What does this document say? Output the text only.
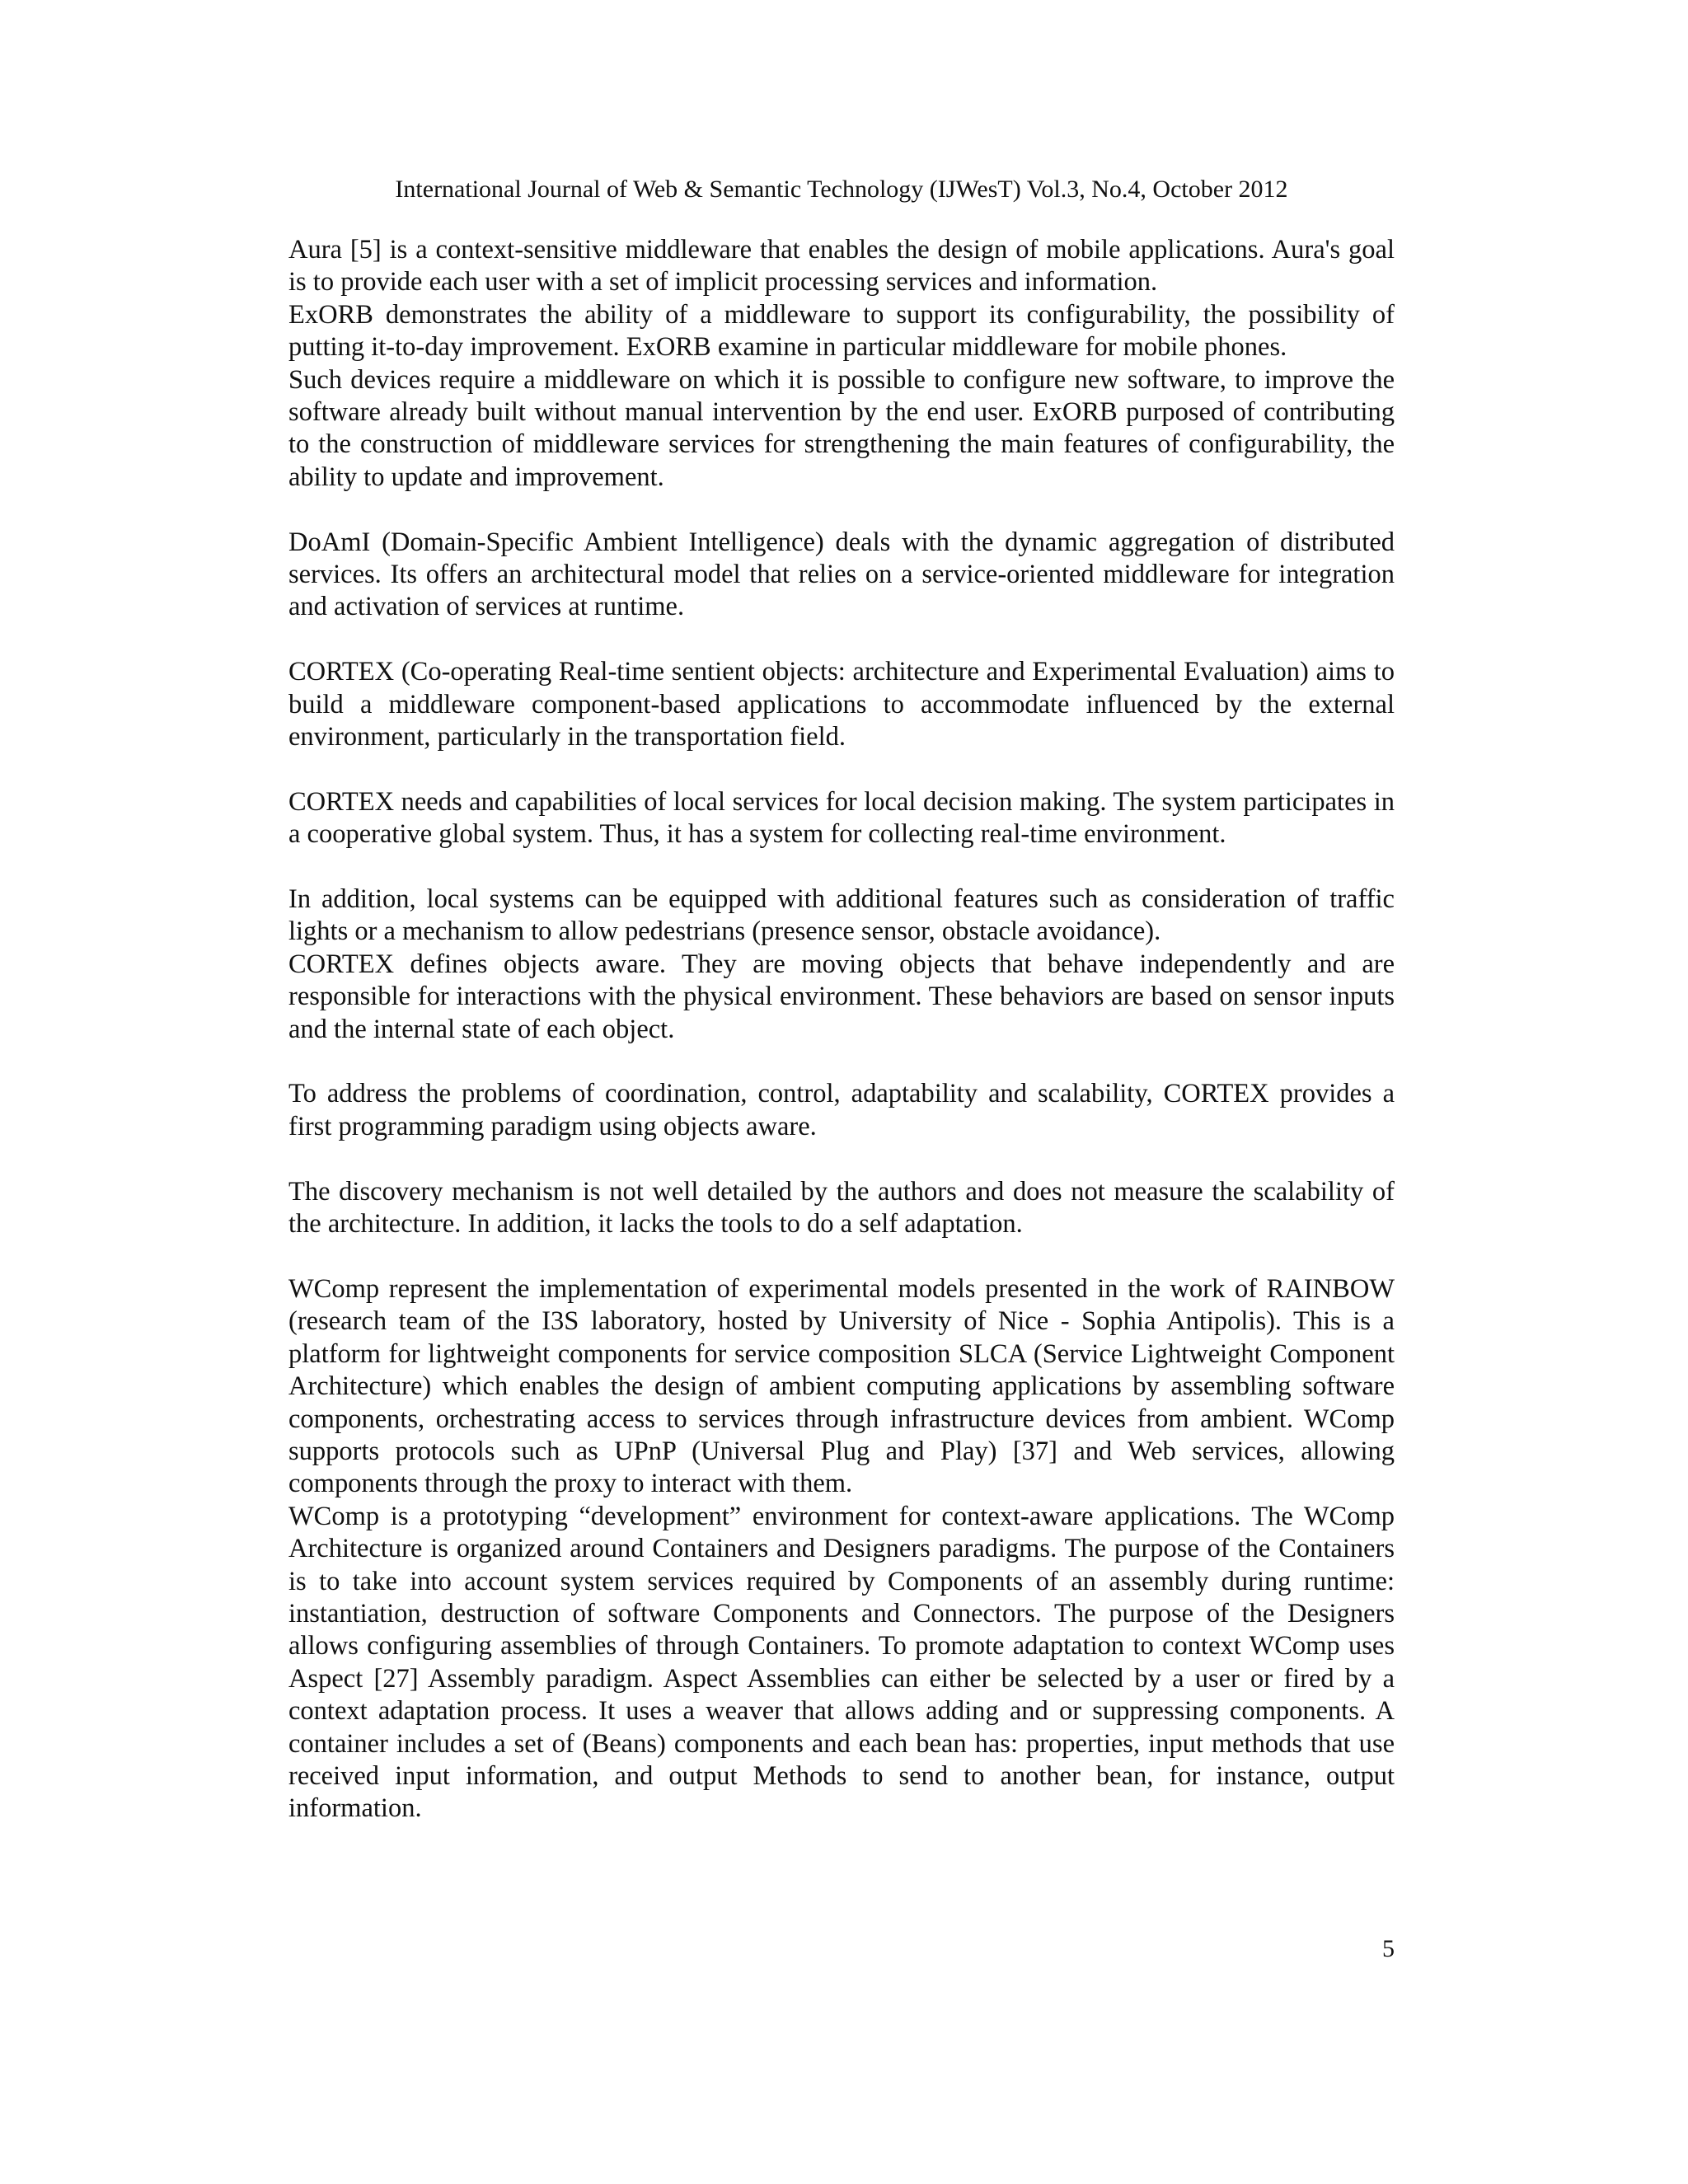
International Journal of Web & Semantic Technology (IJWesT) Vol.3, No.4, October 2012

Aura [5] is a context-sensitive middleware that enables the design of mobile applications. Aura's goal is to provide each user with a set of implicit processing services and information.

ExORB demonstrates the ability of a middleware to support its configurability, the possibility of putting it-to-day improvement. ExORB examine in particular middleware for mobile phones.

Such devices require a middleware on which it is possible to configure new software, to improve the software already built without manual intervention by the end user. ExORB purposed of contributing to the construction of middleware services for strengthening the main features of configurability, the ability to update and improvement.

DoAmI (Domain-Specific Ambient Intelligence) deals with the dynamic aggregation of distributed services. Its offers an architectural model that relies on a service-oriented middleware for integration and activation of services at runtime.

CORTEX (Co-operating Real-time sentient objects: architecture and Experimental Evaluation) aims to build a middleware component-based applications to accommodate influenced by the external environment, particularly in the transportation field.

CORTEX needs and capabilities of local services for local decision making. The system participates in a cooperative global system. Thus, it has a system for collecting real-time environment.

In addition, local systems can be equipped with additional features such as consideration of traffic lights or a mechanism to allow pedestrians (presence sensor, obstacle avoidance).

CORTEX defines objects aware. They are moving objects that behave independently and are responsible for interactions with the physical environment. These behaviors are based on sensor inputs and the internal state of each object.

To address the problems of coordination, control, adaptability and scalability, CORTEX provides a first programming paradigm using objects aware.

The discovery mechanism is not well detailed by the authors and does not measure the scalability of the architecture. In addition, it lacks the tools to do a self adaptation.

WComp represent the implementation of experimental models presented in the work of RAINBOW (research team of the I3S laboratory, hosted by University of Nice - Sophia Antipolis). This is a platform for lightweight components for service composition SLCA (Service Lightweight Component Architecture) which enables the design of ambient computing applications by assembling software components, orchestrating access to services through infrastructure devices from ambient. WComp supports protocols such as UPnP (Universal Plug and Play) [37] and Web services, allowing components through the proxy to interact with them.

WComp is a prototyping “development” environment for context-aware applications. The WComp Architecture is organized around Containers and Designers paradigms. The purpose of the Containers is to take into account system services required by Components of an assembly during runtime: instantiation, destruction of software Components and Connectors. The purpose of the Designers allows configuring assemblies of through Containers. To promote adaptation to context WComp uses Aspect [27] Assembly paradigm. Aspect Assemblies can either be selected by a user or fired by a context adaptation process. It uses a weaver that allows adding and or suppressing components. A container includes a set of (Beans) components and each bean has: properties, input methods that use received input information, and output Methods to send to another bean, for instance, output information.

5
